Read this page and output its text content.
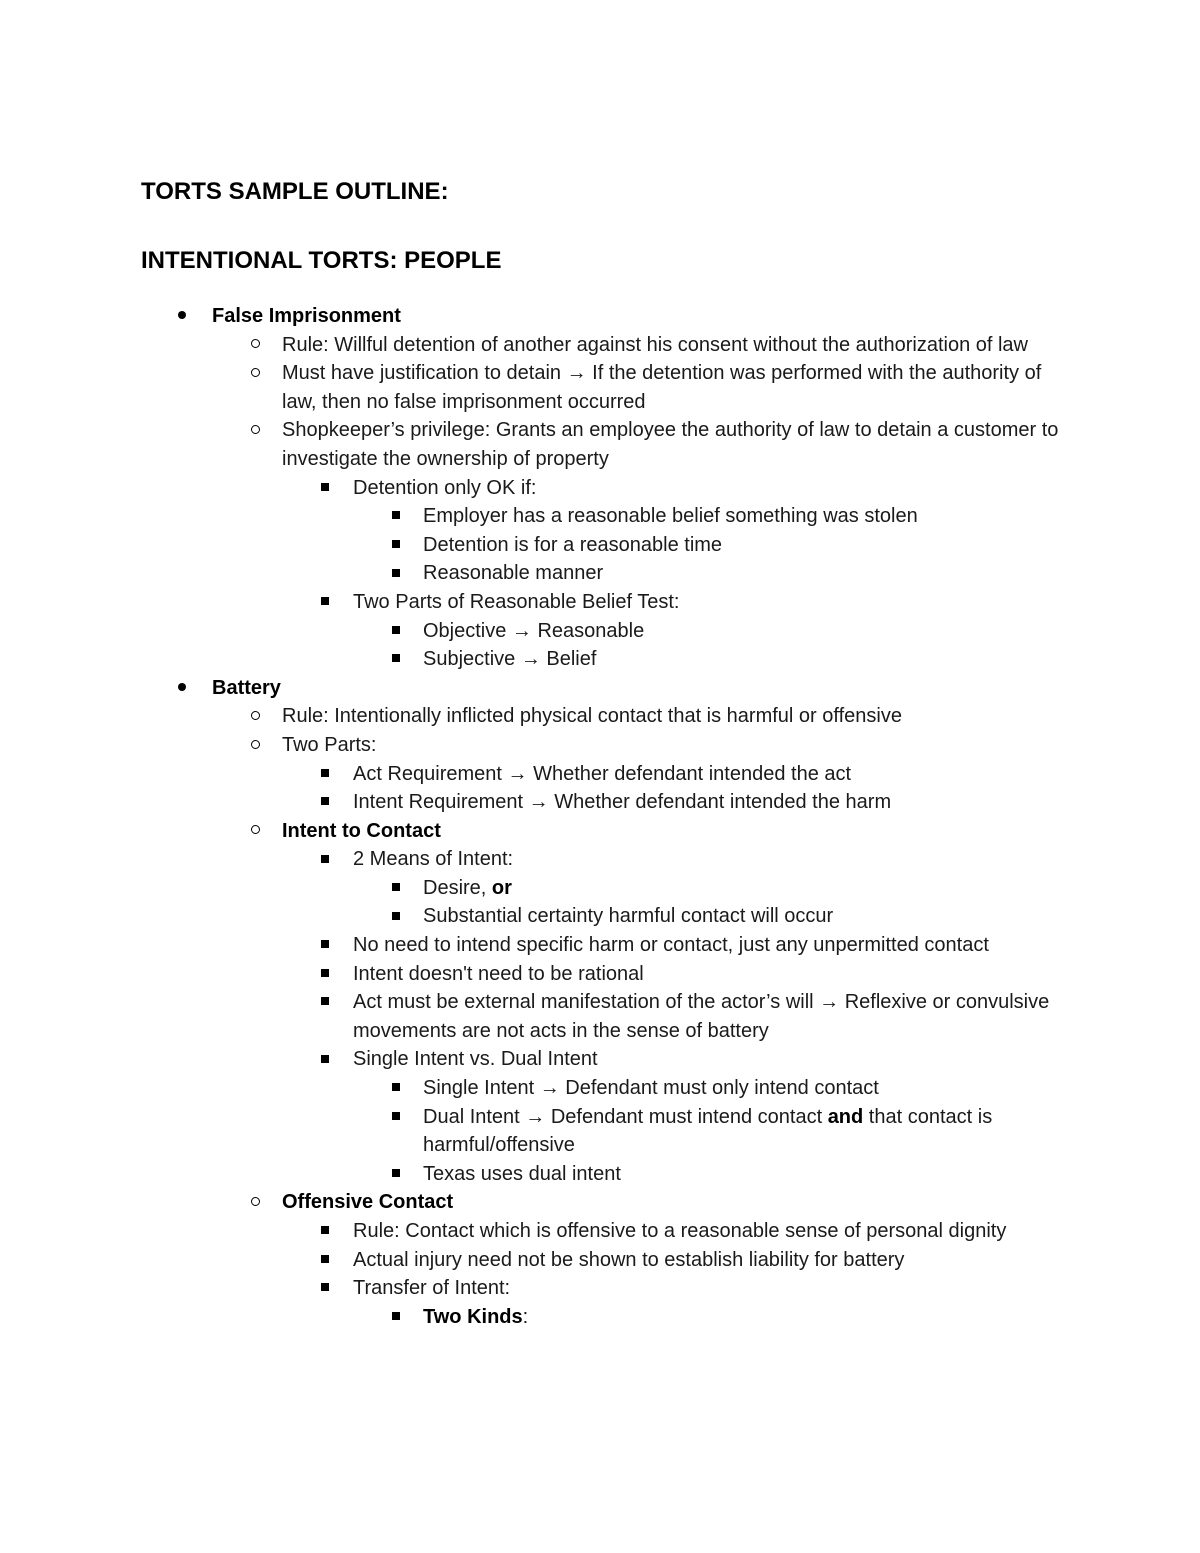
TORTS SAMPLE OUTLINE:
INTENTIONAL TORTS: PEOPLE
False Imprisonment
Rule: Willful detention of another against his consent without the authorization of law
Must have justification to detain → If the detention was performed with the authority of law, then no false imprisonment occurred
Shopkeeper’s privilege: Grants an employee the authority of law to detain a customer to investigate the ownership of property
Detention only OK if:
Employer has a reasonable belief something was stolen
Detention is for a reasonable time
Reasonable manner
Two Parts of Reasonable Belief Test:
Objective → Reasonable
Subjective → Belief
Battery
Rule: Intentionally inflicted physical contact that is harmful or offensive
Two Parts:
Act Requirement → Whether defendant intended the act
Intent Requirement → Whether defendant intended the harm
Intent to Contact
2 Means of Intent:
Desire, or
Substantial certainty harmful contact will occur
No need to intend specific harm or contact, just any unpermitted contact
Intent doesn't need to be rational
Act must be external manifestation of the actor’s will → Reflexive or convulsive movements are not acts in the sense of battery
Single Intent vs. Dual Intent
Single Intent → Defendant must only intend contact
Dual Intent → Defendant must intend contact and that contact is harmful/offensive
Texas uses dual intent
Offensive Contact
Rule: Contact which is offensive to a reasonable sense of personal dignity
Actual injury need not be shown to establish liability for battery
Transfer of Intent:
Two Kinds:
